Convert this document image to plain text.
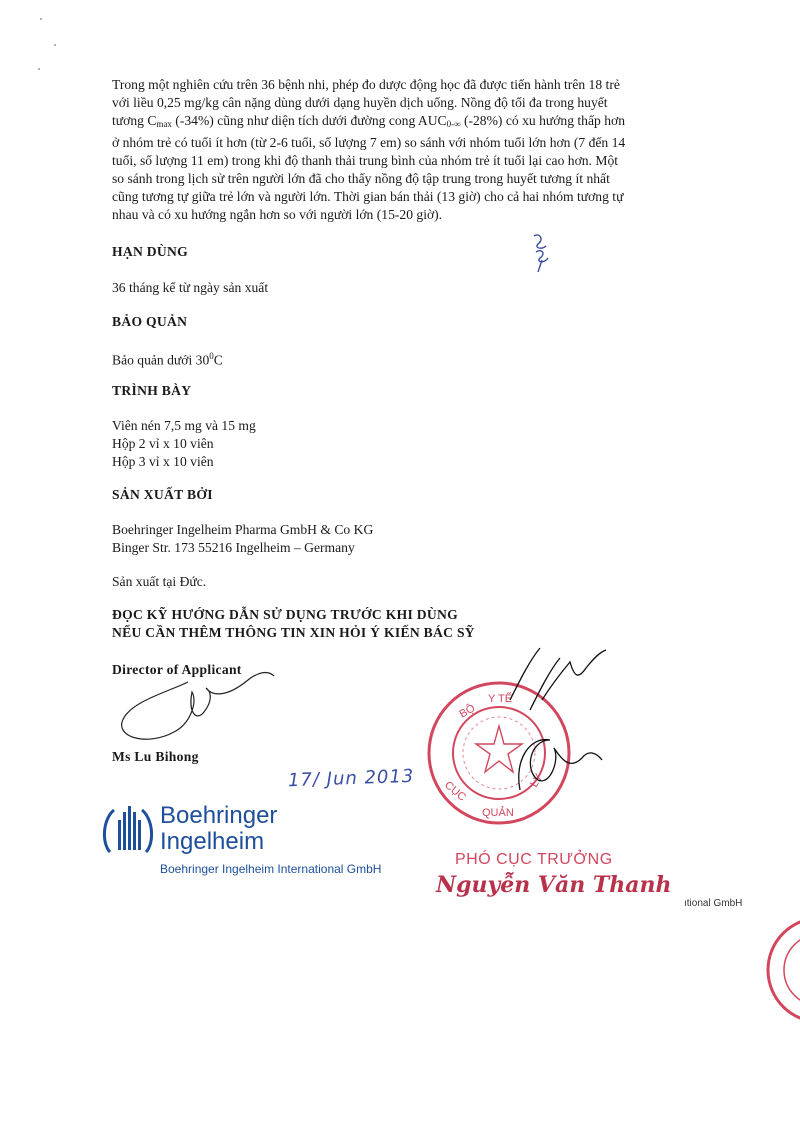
Trong một nghiên cứu trên 36 bệnh nhi, phép đo dược động học đã được tiến hành trên 18 trẻ
với liều 0,25 mg/kg cân nặng dùng dưới dạng huyền dịch uống. Nồng độ tối đa trong huyết
tương $C_{max}$ (-34%) cũng như diện tích dưới đường cong $AUC_{0-\infty}$ (-28%) có xu hướng thấp hơn
ở nhóm trẻ có tuổi ít hơn (từ 2-6 tuổi, số lượng 7 em) so sánh với nhóm tuổi lớn hơn (7 đến 14
tuổi, số lượng 11 em) trong khi độ thanh thải trung bình của nhóm trẻ ít tuổi lại cao hơn. Một
so sánh trong lịch sử trên người lớn đã cho thấy nồng độ tập trung trong huyết tương ít nhất
cũng tương tự giữa trẻ lớn và người lớn. Thời gian bán thải (13 giờ) cho cả hai nhóm tương tự
nhau và có xu hướng ngắn hơn so với người lớn (15-20 giờ).
HẠN DÙNG
36 tháng kể từ ngày sản xuất
BẢO QUẢN
Bảo quản dưới $30^0C$
TRÌNH BÀY
Viên nén 7,5 mg và 15 mg
Hộp 2 vỉ x 10 viên
Hộp 3 vỉ x 10 viên
SẢN XUẤT BỞI
Boehringer Ingelheim Pharma GmbH & Co KG
Binger Str. 173 55216 Ingelheim – Germany
Sản xuất tại Đức.
ĐỌC KỸ HƯỚNG DẪN SỬ DỤNG TRƯỚC KHI DÙNG
NẾU CẦN THÊM THÔNG TIN XIN HỎI Ý KIẾN BÁC SỸ
Director of Applicant
Ms Lu Bihong
17/ Jun 2013
Boehringer
Ingelheim
Boehringer Ingelheim International GmbH
BỘ
Y TẾ
CỤC
QUẢN
LÝ
PHÓ CỤC TRƯỞNG
Nguyễn Văn Thanh
ıtional GmbH
